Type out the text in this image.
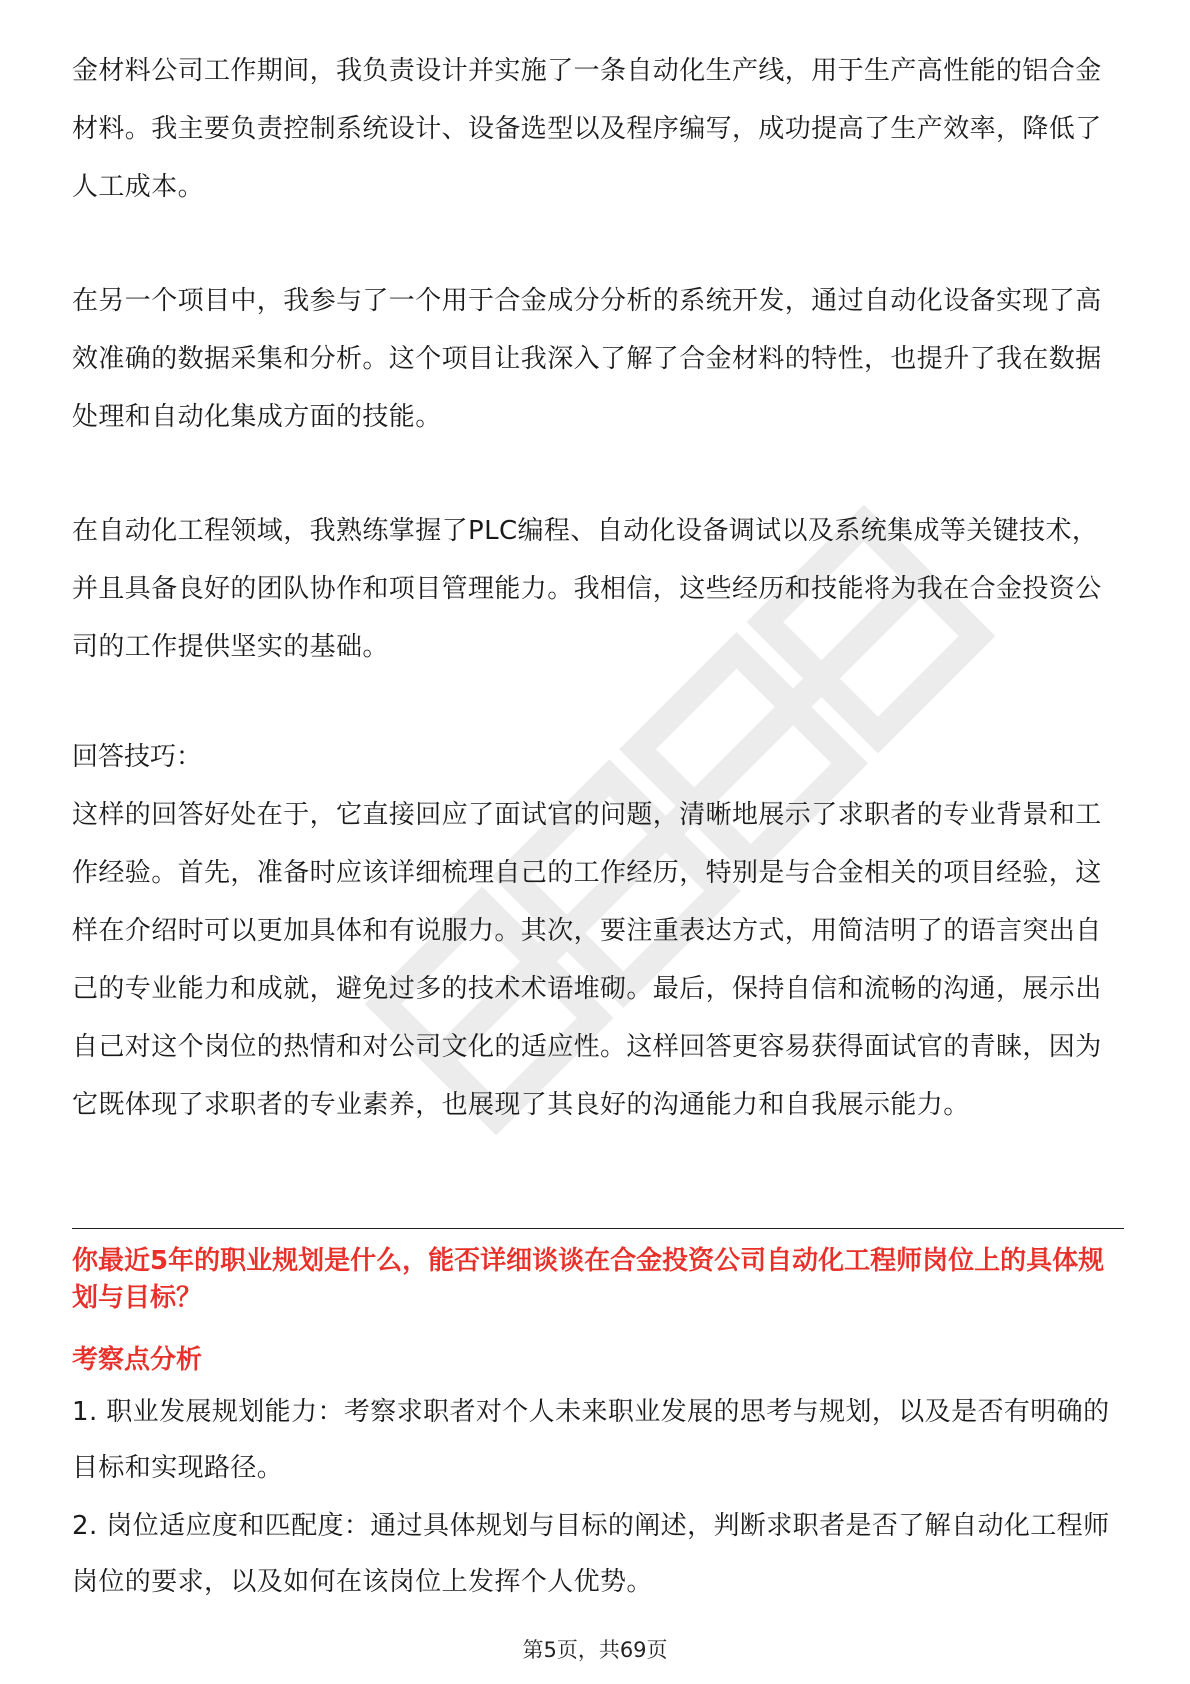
金材料公司工作期间，我负责设计并实施了一条自动化生产线，用于生产高性能的铝合金材料。我主要负责控制系统设计、设备选型以及程序编写，成功提高了生产效率，降低了人工成本。

在另一个项目中，我参与了一个用于合金成分分析的系统开发，通过自动化设备实现了高效准确的数据采集和分析。这个项目让我深入了解了合金材料的特性，也提升了我在数据处理和自动化集成方面的技能。

在自动化工程领域，我熟练掌握了PLC编程、自动化设备调试以及系统集成等关键技术，并且具备良好的团队协作和项目管理能力。我相信，这些经历和技能将为我在合金投资公司的工作提供坚实的基础。

回答技巧：

这样的回答好处在于，它直接回应了面试官的问题，清晰地展示了求职者的专业背景和工作经验。首先，准备时应该详细梳理自己的工作经历，特别是与合金相关的项目经验，这样在介绍时可以更加具体和有说服力。其次，要注重表达方式，用简洁明了的语言突出自己的专业能力和成就，避免过多的技术术语堆砌。最后，保持自信和流畅的沟通，展示出自己对这个岗位的热情和对公司文化的适应性。这样回答更容易获得面试官的青睐，因为它既体现了求职者的专业素养，也展现了其良好的沟通能力和自我展示能力。

你最近5年的职业规划是什么，能否详细谈谈在合金投资公司自动化工程师岗位上的具体规划与目标？

考察点分析

1. 职业发展规划能力：考察求职者对个人未来职业发展的思考与规划，以及是否有明确的目标和实现路径。

2. 岗位适应度和匹配度：通过具体规划与目标的阐述，判断求职者是否了解自动化工程师岗位的要求，以及如何在该岗位上发挥个人优势。

第5页，共69页
